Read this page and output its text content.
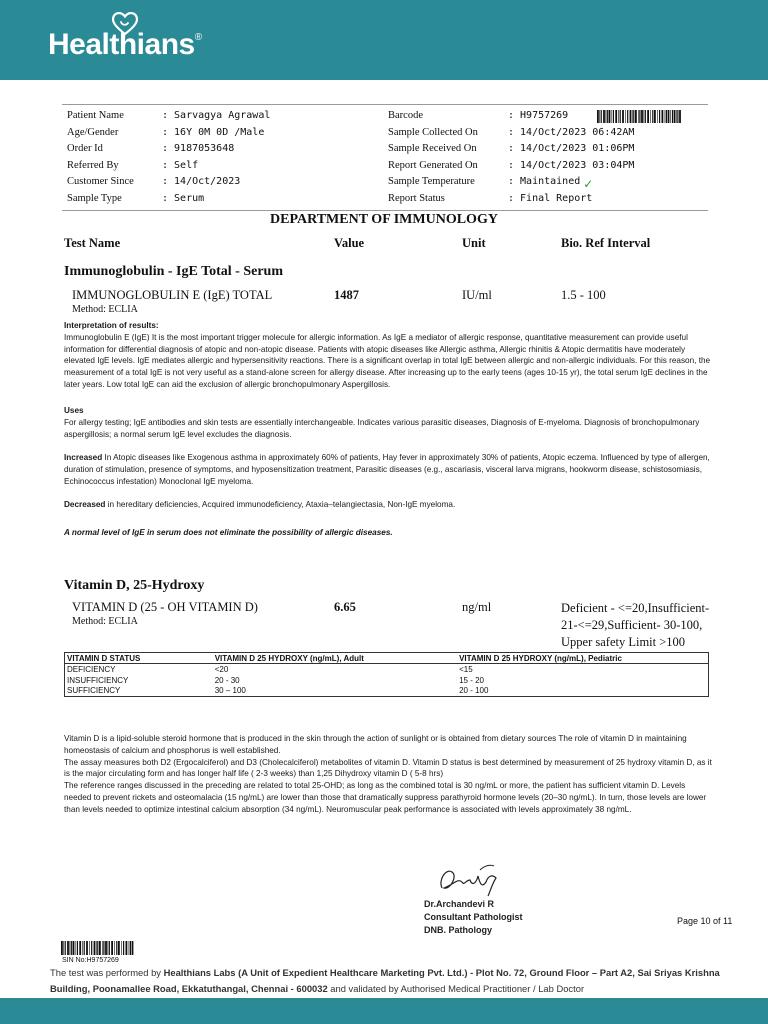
Healthians®
Patient Name	: Sarvagya Agrawal	Barcode	: H9757269
Age/Gender	: 16Y 0M 0D /Male	Sample Collected On	: 14/Oct/2023 06:42AM
Order Id	: 9187053648	Sample Received On	: 14/Oct/2023 01:06PM
Referred By	: Self	Report Generated On	: 14/Oct/2023 03:04PM
Customer Since	: 14/Oct/2023	Sample Temperature	: Maintained ✓
Sample Type	: Serum	Report Status	: Final Report
DEPARTMENT OF IMMUNOLOGY
Test Name	Value	Unit	Bio. Ref Interval
Immunoglobulin - IgE Total - Serum
IMMUNOGLOBULIN E (IgE) TOTAL	1487	IU/ml	1.5 - 100
Method: ECLIA
Interpretation of results:
Immunoglobulin E (IgE) It is the most important trigger molecule for allergic information. As IgE a mediator of allergic response, quantitative measurement can provide useful information for differential diagnosis of atopic and non-atopic disease. Patients with atopic diseases like Allergic asthma, Allergic rhinitis & Atopic dermatitis have moderately elevated IgE levels. IgE mediates allergic and hypersensitivity reactions. There is a significant overlap in total IgE between allergic and non-allergic individuals. For this reason, the measurement of a total IgE is not very useful as a stand-alone screen for allergy disease. After increasing up to the early teens (ages 10-15 yr), the total serum IgE declines in the later years. Low total IgE can aid the exclusion of allergic bronchopulmonary Aspergillosis.
Uses
For allergy testing; IgE antibodies and skin tests are essentially interchangeable. Indicates various parasitic diseases, Diagnosis of E-myeloma. Diagnosis of bronchopulmonary aspergillosis; a normal serum IgE level excludes the diagnosis.
Increased In Atopic diseases like Exogenous asthma in approximately 60% of patients, Hay fever in approximately 30% of patients, Atopic eczema. Influenced by type of allergen, duration of stimulation, presence of symptoms, and hyposensitization treatment, Parasitic diseases (e.g., ascariasis, visceral larva migrans, hookworm disease, schistosomiasis, Echinococcus infestation) Monoclonal IgE myeloma.
Decreased in hereditary deficiencies, Acquired immunodeficiency, Ataxia–telangiectasia, Non-IgE myeloma.
A normal level of IgE in serum does not eliminate the possibility of allergic diseases.
Vitamin D, 25-Hydroxy
VITAMIN D (25 - OH VITAMIN D)	6.65	ng/ml	Deficient - <=20,Insufficient-
21-<=29,Sufficient- 30-100,
Upper safety Limit >100
Method: ECLIA
VITAMIN D STATUS	VITAMIN D 25 HYDROXY (ng/mL), Adult	VITAMIN D 25 HYDROXY (ng/mL), Pediatric
DEFICIENCY	<20	<15
INSUFFICIENCY	20 - 30	15 - 20
SUFFICIENCY	30 – 100	20 - 100
Vitamin D is a lipid-soluble steroid hormone that is produced in the skin through the action of sunlight or is obtained from dietary sources The role of vitamin D in maintaining homeostasis of calcium and phosphorus is well established.
The assay measures both D2 (Ergocalciferol) and D3 (Cholecalciferol) metabolites of vitamin D. Vitamin D status is best determined by measurement of 25 hydroxy vitamin D, as it is the major circulating form and has longer half life ( 2-3 weeks) than 1,25 Dihydroxy vitamin D ( 5-8 hrs)
The reference ranges discussed in the preceding are related to total 25-OHD; as long as the combined total is 30 ng/mL or more, the patient has sufficient vitamin D. Levels needed to prevent rickets and osteomalacia (15 ng/mL) are lower than those that dramatically suppress parathyroid hormone levels (20–30 ng/mL). In turn, those levels are lower than levels needed to optimize intestinal calcium absorption (34 ng/mL). Neuromuscular peak performance is associated with levels approximately 38 ng/mL.
Dr.Archandevi R
Consultant Pathologist
DNB. Pathology
Page 10 of 11
SIN No:H9757269
The test was performed by Healthians Labs (A Unit of Expedient Healthcare Marketing Pvt. Ltd.) - Plot No. 72, Ground Floor – Part A2, Sai Sriyas Krishna Building, Poonamallee Road, Ekkatuthangal, Chennai - 600032 and validated by Authorised Medical Practitioner / Lab Doctor
